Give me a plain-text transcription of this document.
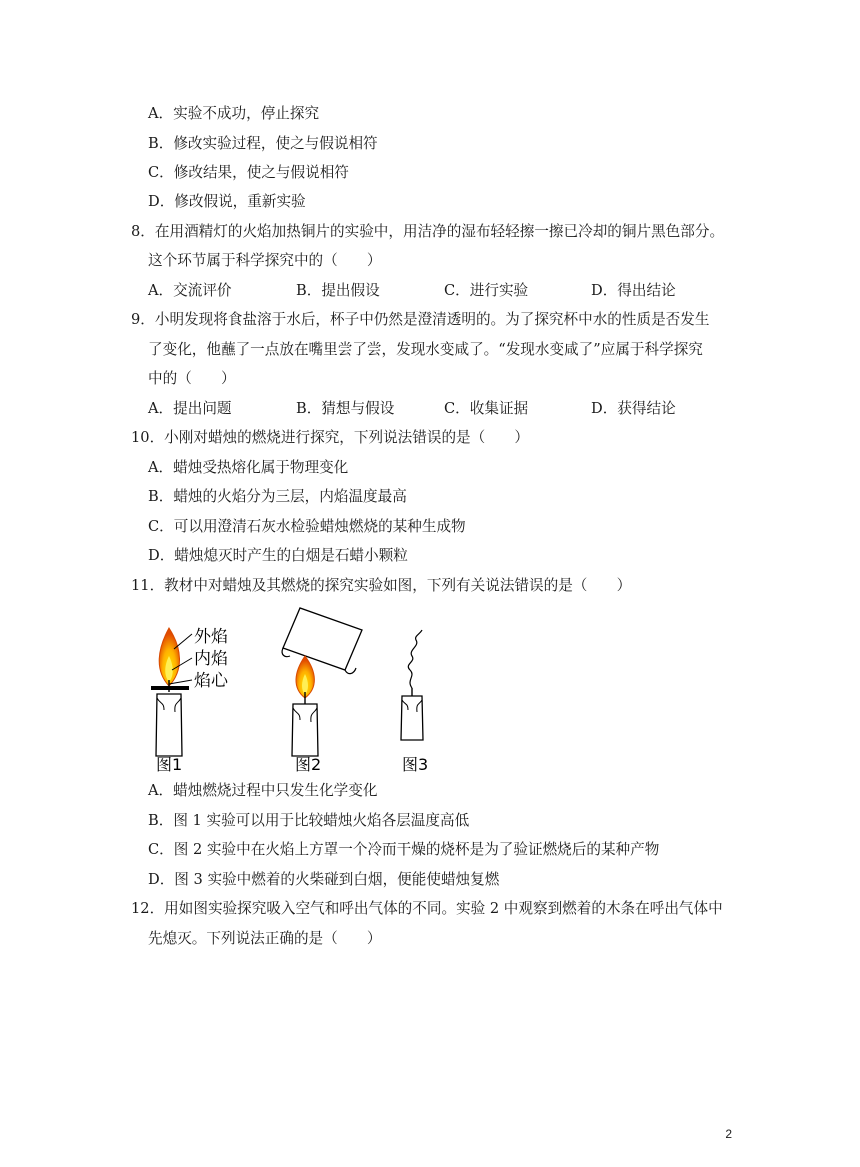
A．实验不成功，停止探究
B．修改实验过程，使之与假说相符
C．修改结果，使之与假说相符
D．修改假说，重新实验
8．在用酒精灯的火焰加热铜片的实验中，用洁净的湿布轻轻擦一擦已冷却的铜片黑色部分。
这个环节属于科学探究中的（　　）
A．交流评价	B．提出假设	C．进行实验	D．得出结论
9．小明发现将食盐溶于水后，杯子中仍然是澄清透明的。为了探究杯中水的性质是否发生
了变化，他蘸了一点放在嘴里尝了尝，发现水变咸了。“发现水变咸了”应属于科学探究
中的（　　）
A．提出问题	B．猜想与假设	C．收集证据	D．获得结论
10．小刚对蜡烛的燃烧进行探究，下列说法错误的是（　　）
A．蜡烛受热熔化属于物理变化
B．蜡烛的火焰分为三层，内焰温度最高
C．可以用澄清石灰水检验蜡烛燃烧的某种生成物
D．蜡烛熄灭时产生的白烟是石蜡小颗粒
11．教材中对蜡烛及其燃烧的探究实验如图，下列有关说法错误的是（　　）
外焰
内焰
焰心
图1	图2	图3
A．蜡烛燃烧过程中只发生化学变化
B．图 1 实验可以用于比较蜡烛火焰各层温度高低
C．图 2 实验中在火焰上方罩一个冷而干燥的烧杯是为了验证燃烧后的某种产物
D．图 3 实验中燃着的火柴碰到白烟，便能使蜡烛复燃
12．用如图实验探究吸入空气和呼出气体的不同。实验 2 中观察到燃着的木条在呼出气体中
先熄灭。下列说法正确的是（　　）
2
